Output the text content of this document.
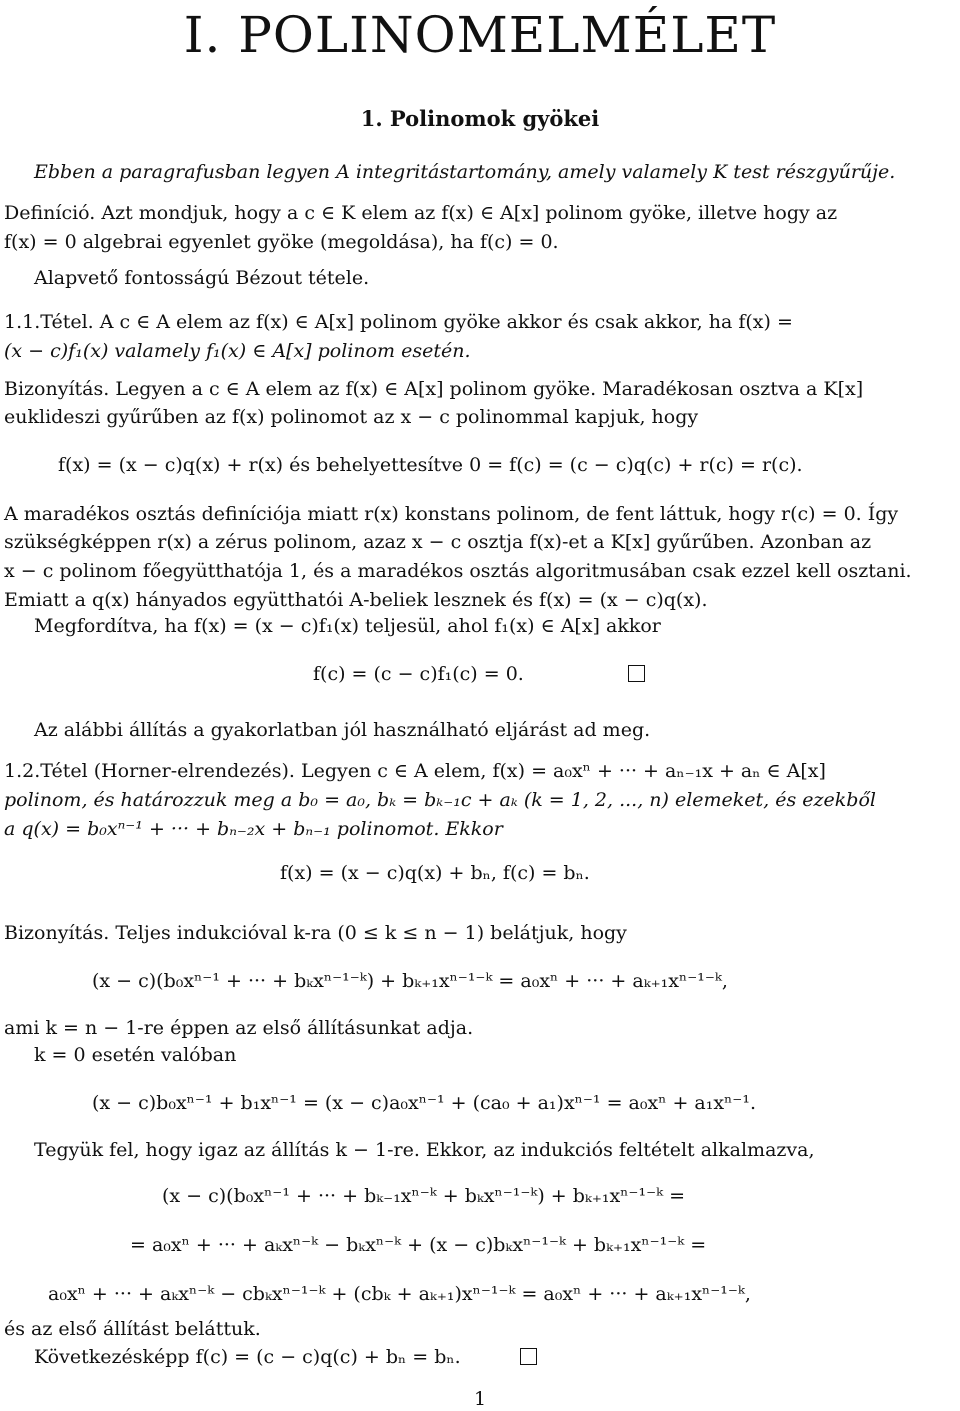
I. POLINOMELMÉLET
1. Polinomok gyökei
Ebben a paragrafusban legyen A integritástartomány, amely valamely K test részgyűrűje.
Definíció. Azt mondjuk, hogy a c ∈ K elem az f(x) ∈ A[x] polinom gyöke, illetve hogy az
f(x) = 0 algebrai egyenlet gyöke (megoldása), ha f(c) = 0.
Alapvető fontosságú Bézout tétele.
1.1.Tétel. A c ∈ A elem az f(x) ∈ A[x] polinom gyöke akkor és csak akkor, ha f(x) =
(x − c)f₁(x) valamely f₁(x) ∈ A[x] polinom esetén.
Bizonyítás. Legyen a c ∈ A elem az f(x) ∈ A[x] polinom gyöke. Maradékosan osztva a K[x]
euklideszi gyűrűben az f(x) polinomot az x − c polinommal kapjuk, hogy
f(x) = (x − c)q(x) + r(x) és behelyettesítve 0 = f(c) = (c − c)q(c) + r(c) = r(c).
A maradékos osztás definíciója miatt r(x) konstans polinom, de fent láttuk, hogy r(c) = 0. Így
szükségképpen r(x) a zérus polinom, azaz x − c osztja f(x)-et a K[x] gyűrűben. Azonban az
x − c polinom főegyütthatója 1, és a maradékos osztás algoritmusában csak ezzel kell osztani.
Emiatt a q(x) hányados együtthatói A-beliek lesznek és f(x) = (x − c)q(x).
Megfordítva, ha f(x) = (x − c)f₁(x) teljesül, ahol f₁(x) ∈ A[x] akkor
f(c) = (c − c)f₁(c) = 0.
Az alábbi állítás a gyakorlatban jól használható eljárást ad meg.
1.2.Tétel (Horner-elrendezés). Legyen c ∈ A elem, f(x) = a₀xⁿ + ··· + aₙ₋₁x + aₙ ∈ A[x]
polinom, és határozzuk meg a b₀ = a₀, bₖ = bₖ₋₁c + aₖ (k = 1, 2, ..., n) elemeket, és ezekből
a q(x) = b₀xⁿ⁻¹ + ··· + bₙ₋₂x + bₙ₋₁ polinomot. Ekkor
f(x) = (x − c)q(x) + bₙ, f(c) = bₙ.
Bizonyítás. Teljes indukcióval k-ra (0 ≤ k ≤ n − 1) belátjuk, hogy
(x − c)(b₀xⁿ⁻¹ + ··· + bₖxⁿ⁻¹⁻ᵏ) + bₖ₊₁xⁿ⁻¹⁻ᵏ = a₀xⁿ + ··· + aₖ₊₁xⁿ⁻¹⁻ᵏ,
ami k = n − 1-re éppen az első állításunkat adja.
k = 0 esetén valóban
(x − c)b₀xⁿ⁻¹ + b₁xⁿ⁻¹ = (x − c)a₀xⁿ⁻¹ + (ca₀ + a₁)xⁿ⁻¹ = a₀xⁿ + a₁xⁿ⁻¹.
Tegyük fel, hogy igaz az állítás k − 1-re. Ekkor, az indukciós feltételt alkalmazva,
(x − c)(b₀xⁿ⁻¹ + ··· + bₖ₋₁xⁿ⁻ᵏ + bₖxⁿ⁻¹⁻ᵏ) + bₖ₊₁xⁿ⁻¹⁻ᵏ =
= a₀xⁿ + ··· + aₖxⁿ⁻ᵏ − bₖxⁿ⁻ᵏ + (x − c)bₖxⁿ⁻¹⁻ᵏ + bₖ₊₁xⁿ⁻¹⁻ᵏ =
a₀xⁿ + ··· + aₖxⁿ⁻ᵏ − cbₖxⁿ⁻¹⁻ᵏ + (cbₖ + aₖ₊₁)xⁿ⁻¹⁻ᵏ = a₀xⁿ + ··· + aₖ₊₁xⁿ⁻¹⁻ᵏ,
és az első állítást beláttuk.
Következésképp f(c) = (c − c)q(c) + bₙ = bₙ.
1
